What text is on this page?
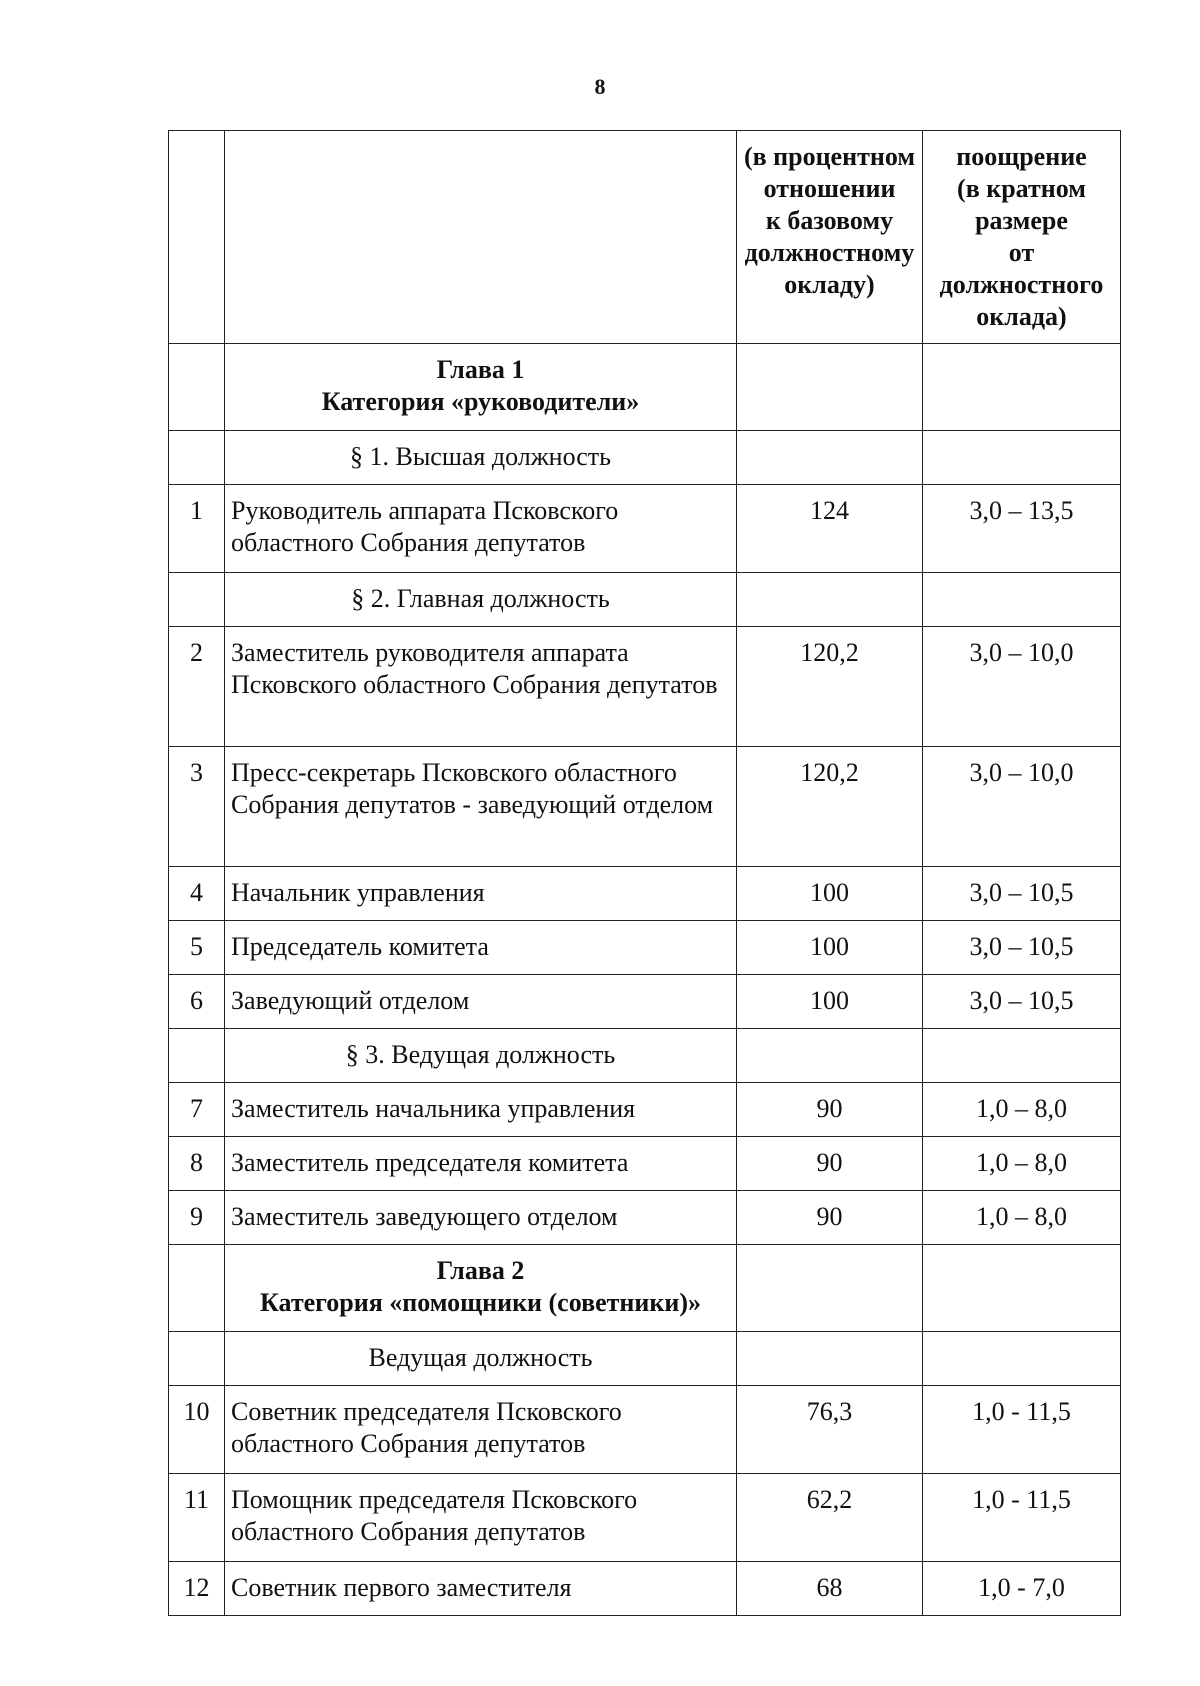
8

		(в процентном
отношении
к базовому
должностному
окладу)	поощрение
(в кратном
размере
от должностного
оклада)

	Глава 1
Категория «руководители»		

	§ 1. Высшая должность		
1	Руководитель аппарата Псковского областного Собрания депутатов	124	3,0 – 13,5
	§ 2. Главная должность		
2	Заместитель руководителя аппарата Псковского областного Собрания депутатов	120,2	3,0 – 10,0
3	Пресс-секретарь Псковского областного Собрания депутатов - заведующий отделом	120,2	3,0 – 10,0
4	Начальник управления	100	3,0 – 10,5
5	Председатель комитета	100	3,0 – 10,5
6	Заведующий отделом	100	3,0 – 10,5
	§ 3. Ведущая должность		
7	Заместитель начальника управления	90	1,0 – 8,0
8	Заместитель председателя комитета	90	1,0 – 8,0
9	Заместитель заведующего отделом	90	1,0 – 8,0

	Глава 2
Категория «помощники (советники)»		

	Ведущая должность		
10	Советник председателя Псковского областного Собрания депутатов	76,3	1,0 - 11,5
11	Помощник председателя Псковского областного Собрания депутатов	62,2	1,0 - 11,5
12	Советник первого заместителя	68	1,0 - 7,0
